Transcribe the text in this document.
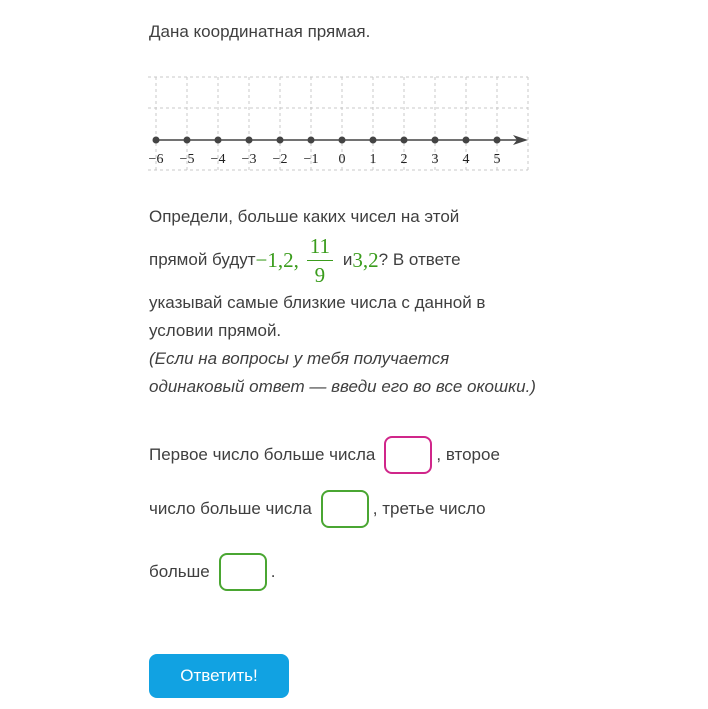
Дана координатная прямая.
−6 −5 −4 −3 −2 −1 0 1 2 3 4 5
Определи, больше каких чисел на этой
прямой будут −1,2, $\frac{11}{9}$ и 3,2 ? В ответе
указывай самые близкие числа с данной в
условии прямой.
(Если на вопросы у тебя получается
одинаковый ответ — введи его во все окошки.)
Первое число больше числа	, второе
число больше числа	, третье число
больше	.
Ответить!
